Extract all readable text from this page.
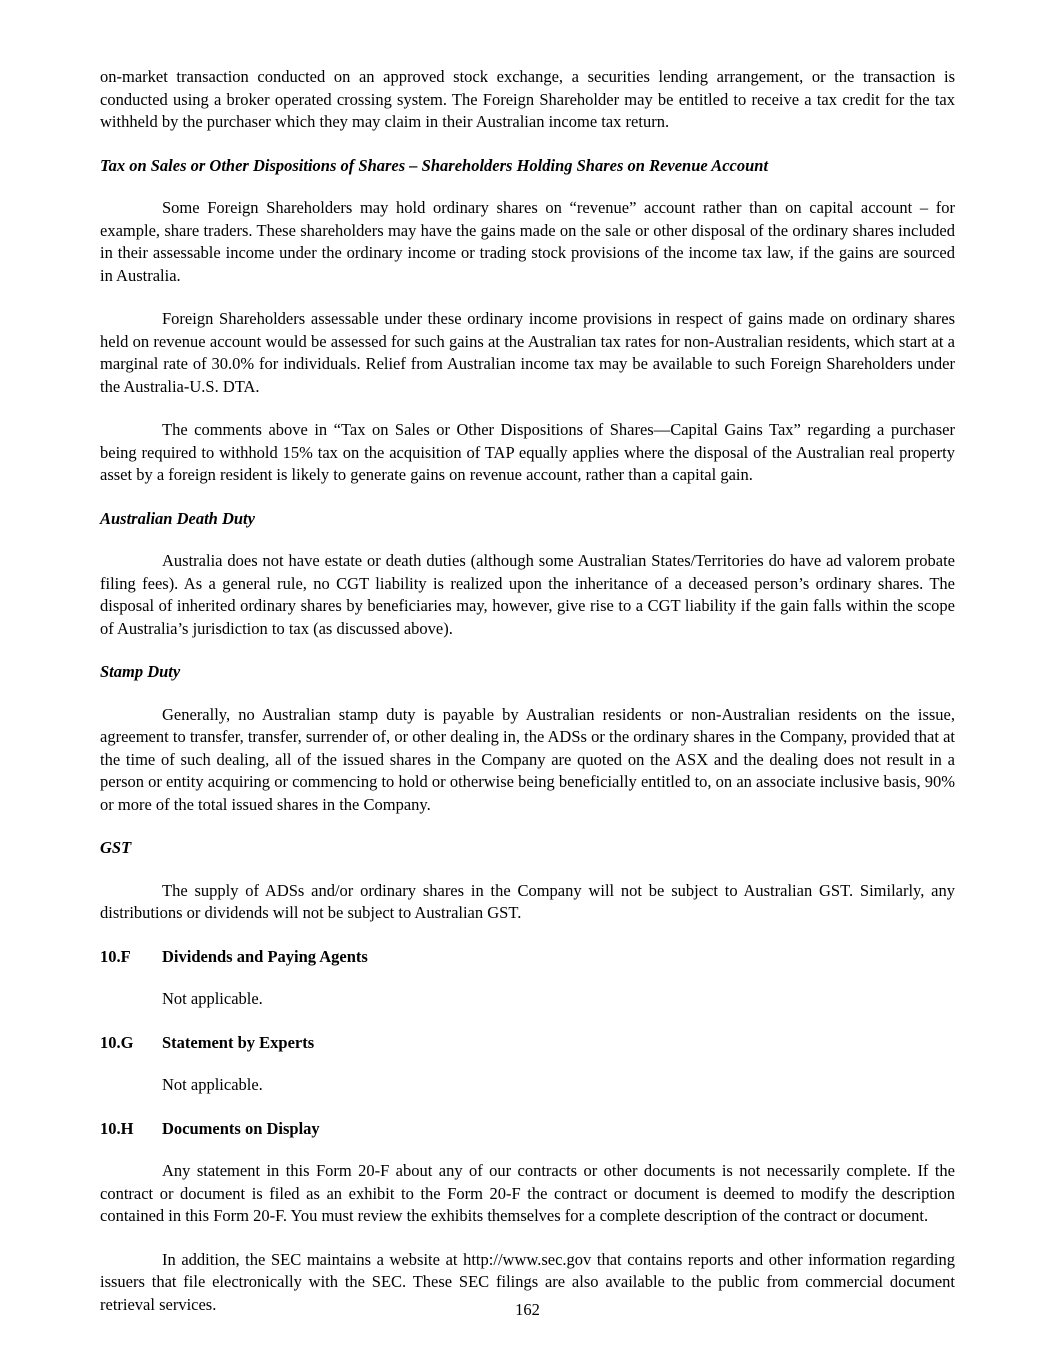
on-market transaction conducted on an approved stock exchange, a securities lending arrangement, or the transaction is conducted using a broker operated crossing system. The Foreign Shareholder may be entitled to receive a tax credit for the tax withheld by the purchaser which they may claim in their Australian income tax return.

Tax on Sales or Other Dispositions of Shares – Shareholders Holding Shares on Revenue Account

Some Foreign Shareholders may hold ordinary shares on “revenue” account rather than on capital account – for example, share traders. These shareholders may have the gains made on the sale or other disposal of the ordinary shares included in their assessable income under the ordinary income or trading stock provisions of the income tax law, if the gains are sourced in Australia.

Foreign Shareholders assessable under these ordinary income provisions in respect of gains made on ordinary shares held on revenue account would be assessed for such gains at the Australian tax rates for non-Australian residents, which start at a marginal rate of 30.0% for individuals. Relief from Australian income tax may be available to such Foreign Shareholders under the Australia-U.S. DTA.

The comments above in “Tax on Sales or Other Dispositions of Shares—Capital Gains Tax” regarding a purchaser being required to withhold 15% tax on the acquisition of TAP equally applies where the disposal of the Australian real property asset by a foreign resident is likely to generate gains on revenue account, rather than a capital gain.

Australian Death Duty

Australia does not have estate or death duties (although some Australian States/Territories do have ad valorem probate filing fees). As a general rule, no CGT liability is realized upon the inheritance of a deceased person’s ordinary shares. The disposal of inherited ordinary shares by beneficiaries may, however, give rise to a CGT liability if the gain falls within the scope of Australia’s jurisdiction to tax (as discussed above).

Stamp Duty

Generally, no Australian stamp duty is payable by Australian residents or non-Australian residents on the issue, agreement to transfer, transfer, surrender of, or other dealing in, the ADSs or the ordinary shares in the Company, provided that at the time of such dealing, all of the issued shares in the Company are quoted on the ASX and the dealing does not result in a person or entity acquiring or commencing to hold or otherwise being beneficially entitled to, on an associate inclusive basis, 90% or more of the total issued shares in the Company.

GST

The supply of ADSs and/or ordinary shares in the Company will not be subject to Australian GST. Similarly, any distributions or dividends will not be subject to Australian GST.

10.F	Dividends and Paying Agents

Not applicable.

10.G	Statement by Experts

Not applicable.

10.H	Documents on Display

Any statement in this Form 20-F about any of our contracts or other documents is not necessarily complete. If the contract or document is filed as an exhibit to the Form 20-F the contract or document is deemed to modify the description contained in this Form 20-F. You must review the exhibits themselves for a complete description of the contract or document.

In addition, the SEC maintains a website at http://www.sec.gov that contains reports and other information regarding issuers that file electronically with the SEC. These SEC filings are also available to the public from commercial document retrieval services.	162
